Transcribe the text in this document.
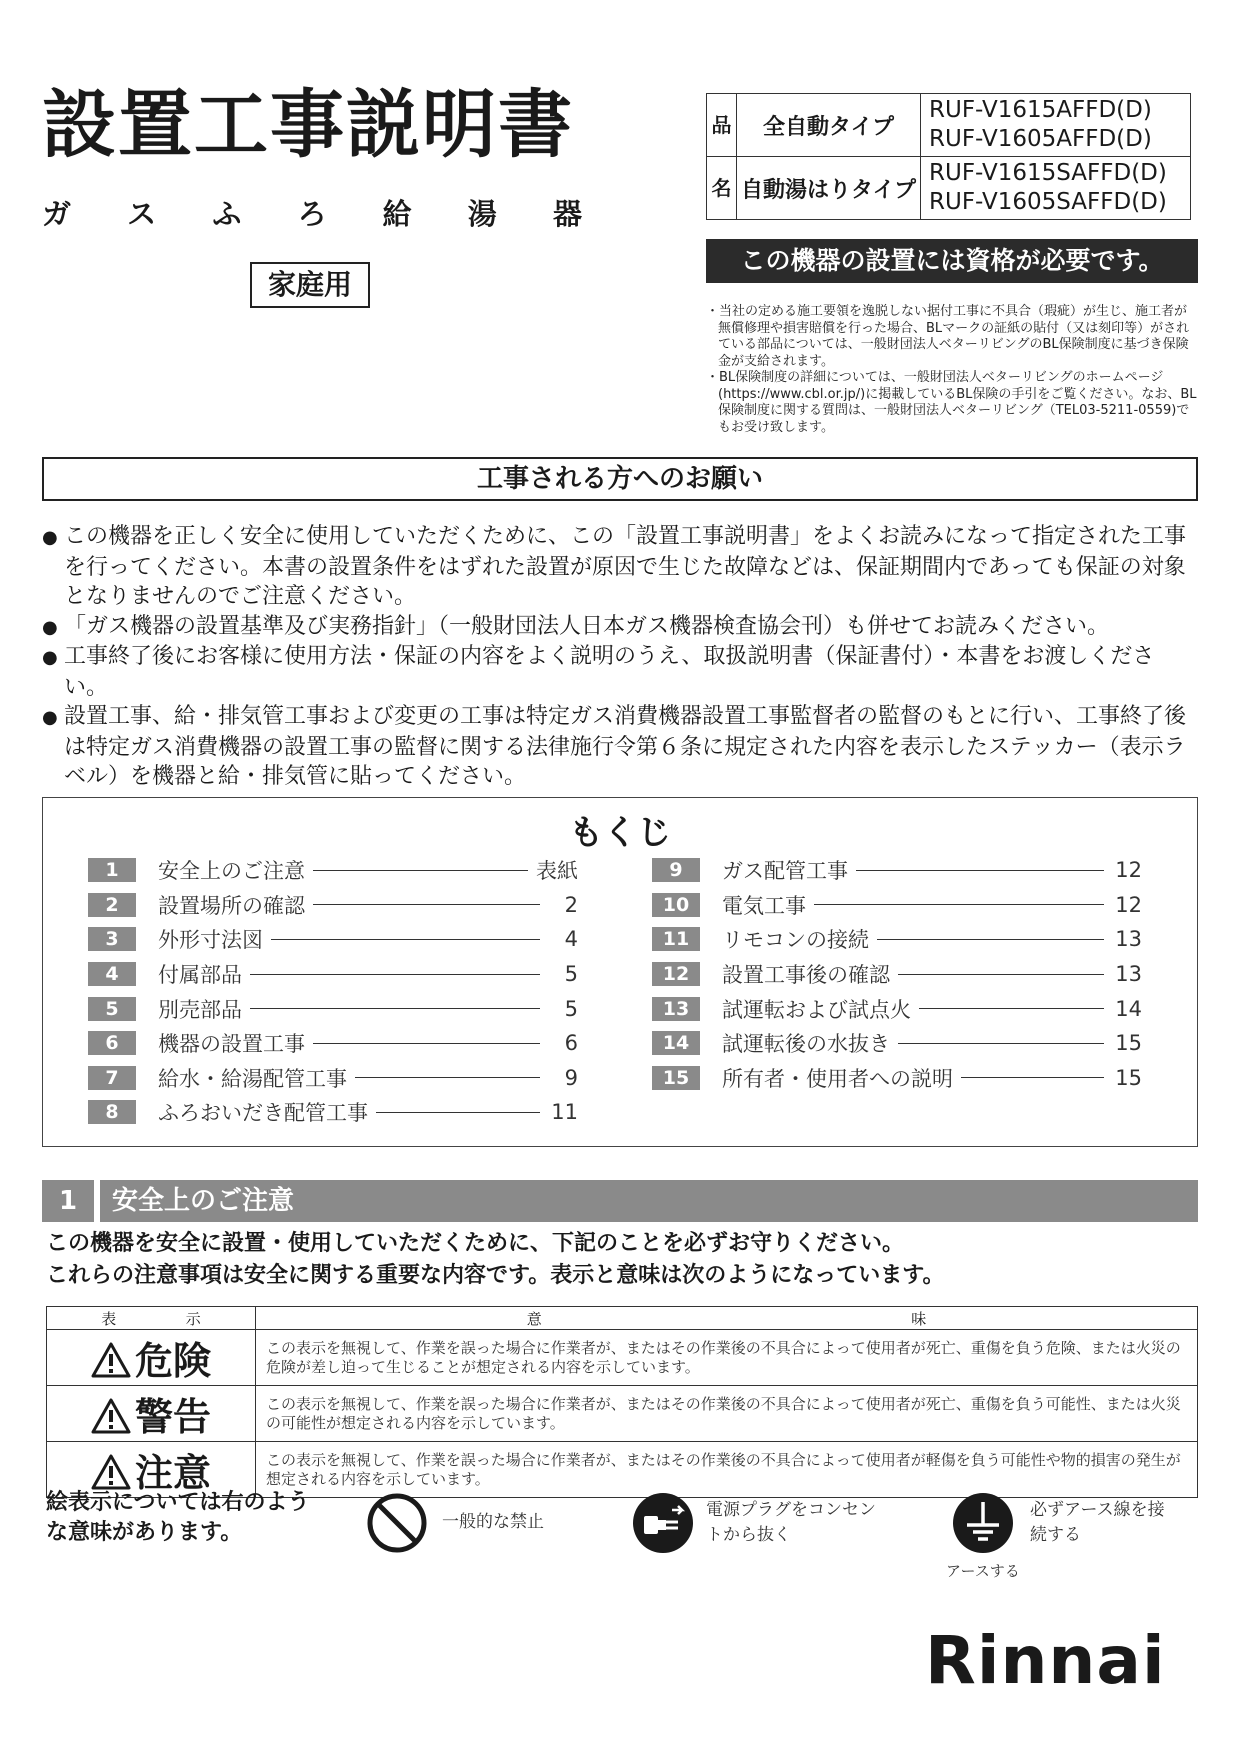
設置工事説明書
ガ ス ふ ろ 給 湯 器
家庭用
品	全自動タイプ	RUF-V1615AFFD(D)
RUF-V1605AFFD(D)

名	自動湯はりタイプ	RUF-V1615SAFFD(D)
RUF-V1605SAFFD(D)
この機器の設置には資格が必要です。

・当社の定める施工要領を逸脱しない据付工事に不具合（瑕疵）が生じ、施工者が無償修理や損害賠償を行った場合、BLマークの証紙の貼付（又は刻印等）がされている部品については、一般財団法人ベターリビングのBL保険制度に基づき保険金が支給されます。

・BL保険制度の詳細については、一般財団法人ベターリビングのホームページ(https://www.cbl.or.jp/)に掲載しているBL保険の手引をご覧ください。なお、BL保険制度に関する質問は、一般財団法人ベターリビング（TEL03-5211-0559)でもお受け致します。

工事される方へのお願い
● この機器を正しく安全に使用していただくために、この「設置工事説明書」をよくお読みになって指定された工事を行ってください。本書の設置条件をはずれた設置が原因で生じた故障などは、保証期間内であっても保証の対象となりませんのでご注意ください。
● 「ガス機器の設置基準及び実務指針」（一般財団法人日本ガス機器検査協会刊）も併せてお読みください。
● 工事終了後にお客様に使用方法・保証の内容をよく説明のうえ、取扱説明書（保証書付）・本書をお渡しください。
● 設置工事、給・排気管工事および変更の工事は特定ガス消費機器設置工事監督者の監督のもとに行い、工事終了後は特定ガス消費機器の設置工事の監督に関する法律施行令第６条に規定された内容を表示したステッカー（表示ラベル）を機器と給・排気管に貼ってください。
もくじ
1	安全上のご注意	表紙
2	設置場所の確認	2
3	外形寸法図	4
4	付属部品	5
5	別売部品	5
6	機器の設置工事	6
7	給水・給湯配管工事	9
8	ふろおいだき配管工事	11
9	ガス配管工事	12
10	電気工事	12
11	リモコンの接続	13
12	設置工事後の確認	13
13	試運転および試点火	14
14	試運転後の水抜き	15
15	所有者・使用者への説明	15
1	安全上のご注意
この機器を安全に設置・使用していただくために、下記のことを必ずお守りください。
これらの注意事項は安全に関する重要な内容です。表示と意味は次のようになっています。
表 示	意 味
危険	この表示を無視して、作業を誤った場合に作業者が、またはその作業後の不具合によって使用者が死亡、重傷を負う危険、または火災の危険が差し迫って生じることが想定される内容を示しています。
警告	この表示を無視して、作業を誤った場合に作業者が、またはその作業後の不具合によって使用者が死亡、重傷を負う可能性、または火災の可能性が想定される内容を示しています。
注意	この表示を無視して、作業を誤った場合に作業者が、またはその作業後の不具合によって使用者が軽傷を負う可能性や物的損害の発生が想定される内容を示しています。
絵表示については右のよう
な意味があります。	一般的な禁止
電源プラグをコンセントから抜く
必ずアース線を接続する
アースする
Rinnai
